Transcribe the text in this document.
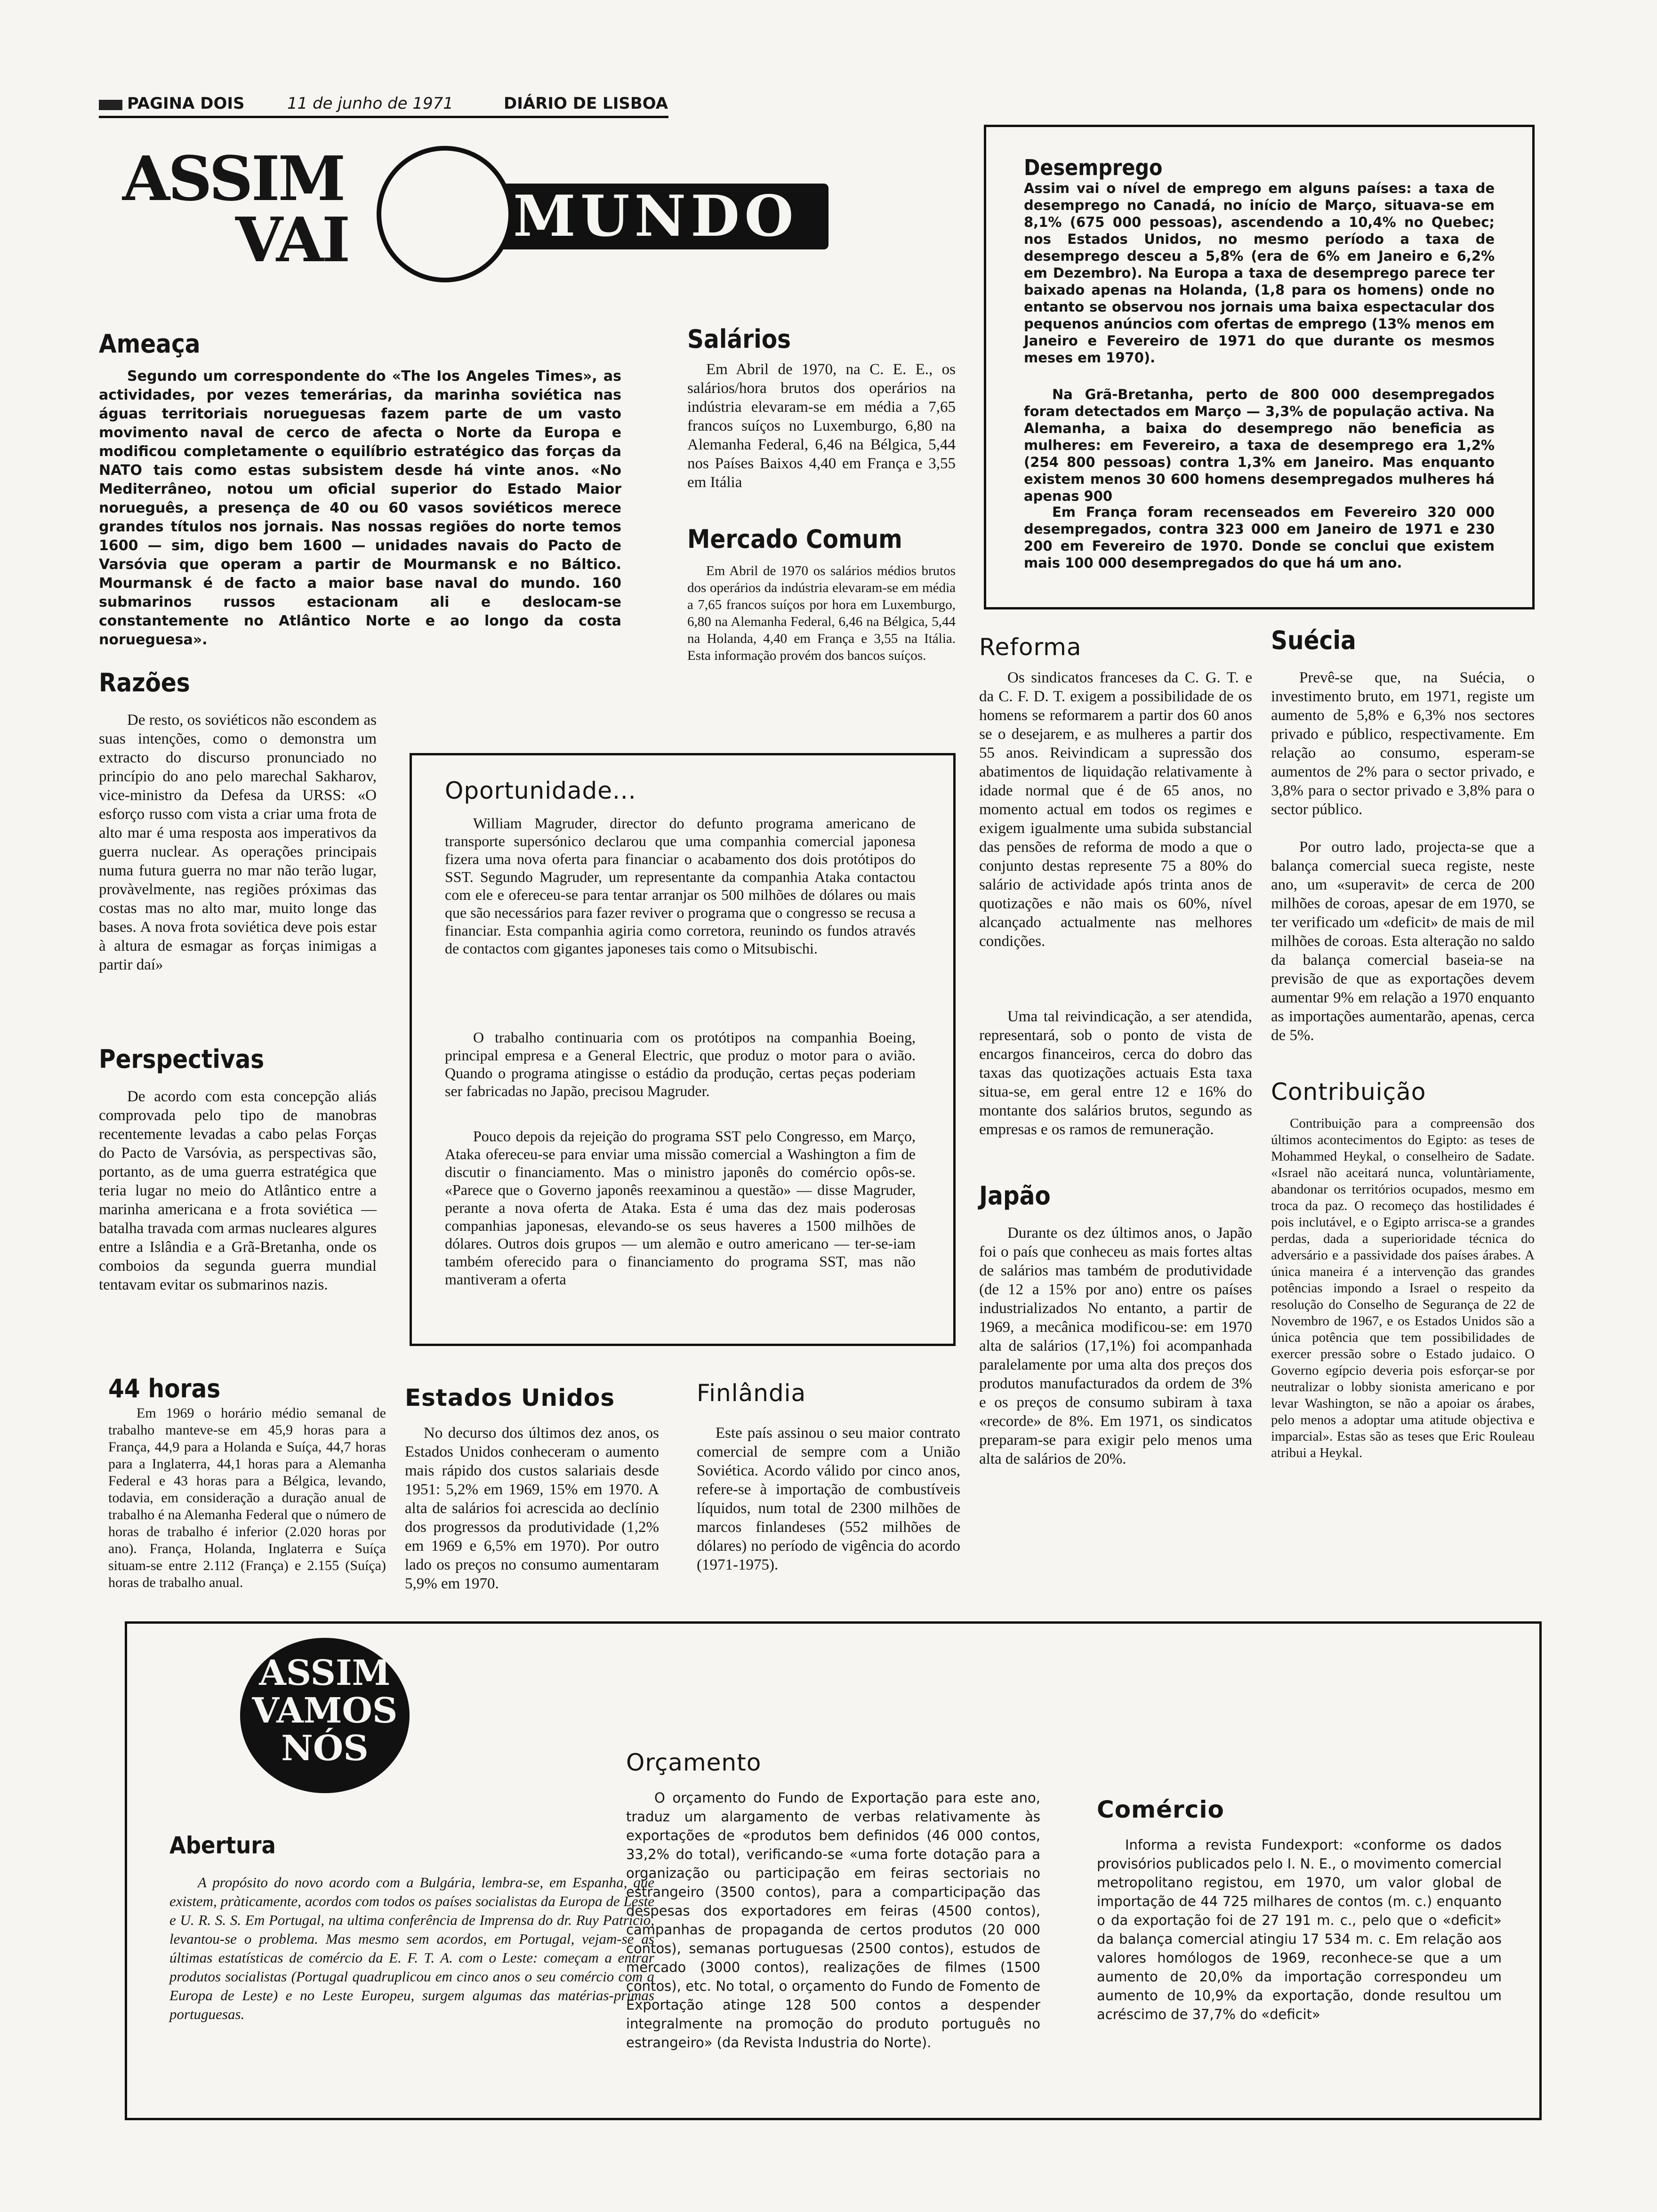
PAGINA DOIS	11 de junho de 1971	DIÁRIO DE LISBOA
ASSIM
VAI	MUNDO
Desemprego

Assim vai o nível de emprego em alguns países: a taxa de desemprego no Canadá, no início de Março, situava-se em 8,1% (675 000 pessoas), ascendendo a 10,4% no Quebec; nos Estados Unidos, no mesmo período a taxa de desemprego desceu a 5,8% (era de 6% em Janeiro e 6,2% em Dezembro). Na Europa a taxa de desemprego parece ter baixado apenas na Holanda, (1,8 para os homens) onde no entanto se observou nos jornais uma baixa espectacular dos pequenos anúncios com ofertas de emprego (13% menos em Janeiro e Fevereiro de 1971 do que durante os mesmos meses em 1970).

Na Grã-Bretanha, perto de 800 000 desempregados foram detectados em Março — 3,3% de população activa. Na Alemanha, a baixa do desemprego não beneficia as mulheres: em Fevereiro, a taxa de desemprego era 1,2% (254 800 pessoas) contra 1,3% em Janeiro. Mas enquanto existem menos 30 600 homens desempregados mulheres há apenas 900

Em França foram recenseados em Fevereiro 320 000 desempregados, contra 323 000 em Janeiro de 1971 e 230 200 em Fevereiro de 1970. Donde se conclui que existem mais 100 000 desempregados do que há um ano.

Ameaça

Segundo um correspondente do «The Ios Angeles Times», as actividades, por vezes temerárias, da marinha soviética nas águas territoriais norueguesas fazem parte de um vasto movimento naval de cerco de afecta o Norte da Europa e modificou completamente o equilíbrio estratégico das forças da NATO tais como estas subsistem desde há vinte anos. «No Mediterrâneo, notou um oficial superior do Estado Maior norueguês, a presença de 40 ou 60 vasos soviéticos merece grandes títulos nos jornais. Nas nossas regiões do norte temos 1600 — sim, digo bem 1600 — unidades navais do Pacto de Varsóvia que operam a partir de Mourmansk e no Báltico. Mourmansk é de facto a maior base naval do mundo. 160 submarinos russos estacionam ali e deslocam-se constantemente no Atlântico Norte e ao longo da costa norueguesa».

Salários

Em Abril de 1970, na C. E. E., os salários/hora brutos dos operários na indústria elevaram-se em média a 7,65 francos suíços no Luxemburgo, 6,80 na Alemanha Federal, 6,46 na Bélgica, 5,44 nos Países Baixos 4,40 em França e 3,55 em Itália

Mercado Comum

Em Abril de 1970 os salários médios brutos dos operários da indústria elevaram-se em média a 7,65 francos suíços por hora em Luxemburgo, 6,80 na Alemanha Federal, 6,46 na Bélgica, 5,44 na Holanda, 4,40 em França e 3,55 na Itália. Esta informação provém dos bancos suíços.

Razões

De resto, os soviéticos não escondem as suas intenções, como o demonstra um extracto do discurso pronunciado no princípio do ano pelo marechal Sakharov, vice-ministro da Defesa da URSS: «O esforço russo com vista a criar uma frota de alto mar é uma resposta aos imperativos da guerra nuclear. As operações principais numa futura guerra no mar não terão lugar, provàvelmente, nas regiões próximas das costas mas no alto mar, muito longe das bases. A nova frota soviética deve pois estar à altura de esmagar as forças inimigas a partir daí»

Perspectivas

De acordo com esta concepção aliás comprovada pelo tipo de manobras recentemente levadas a cabo pelas Forças do Pacto de Varsóvia, as perspectivas são, portanto, as de uma guerra estratégica que teria lugar no meio do Atlântico entre a marinha americana e a frota soviética — batalha travada com armas nucleares algures entre a Islândia e a Grã-Bretanha, onde os comboios da segunda guerra mundial tentavam evitar os submarinos nazis.

44 horas

Em 1969 o horário médio semanal de trabalho manteve-se em 45,9 horas para a França, 44,9 para a Holanda e Suíça, 44,7 horas para a Inglaterra, 44,1 horas para a Alemanha Federal e 43 horas para a Bélgica, levando, todavia, em consideração a duração anual de trabalho é na Alemanha Federal que o número de horas de trabalho é inferior (2.020 horas por ano). França, Holanda, Inglaterra e Suíça situam-se entre 2.112 (França) e 2.155 (Suíça) horas de trabalho anual.

Oportunidade...

William Magruder, director do defunto programa americano de transporte supersónico declarou que uma companhia comercial japonesa fizera uma nova oferta para financiar o acabamento dos dois protótipos do SST. Segundo Magruder, um representante da companhia Ataka contactou com ele e ofereceu-se para tentar arranjar os 500 milhões de dólares ou mais que são necessários para fazer reviver o programa que o congresso se recusa a financiar. Esta companhia agiria como corretora, reunindo os fundos através de contactos com gigantes japoneses tais como o Mitsubischi.

O trabalho continuaria com os protótipos na companhia Boeing, principal empresa e a General Electric, que produz o motor para o avião. Quando o programa atingisse o estádio da produção, certas peças poderiam ser fabricadas no Japão, precisou Magruder.

Pouco depois da rejeição do programa SST pelo Congresso, em Março, Ataka ofereceu-se para enviar uma missão comercial a Washington a fim de discutir o financiamento. Mas o ministro japonês do comércio opôs-se. «Parece que o Governo japonês reexaminou a questão» — disse Magruder, perante a nova oferta de Ataka. Esta é uma das dez mais poderosas companhias japonesas, elevando-se os seus haveres a 1500 milhões de dólares. Outros dois grupos — um alemão e outro americano — ter-se-iam também oferecido para o financiamento do programa SST, mas não mantiveram a oferta

Estados Unidos

No decurso dos últimos dez anos, os Estados Unidos conheceram o aumento mais rápido dos custos salariais desde 1951: 5,2% em 1969, 15% em 1970. A alta de salários foi acrescida ao declínio dos progressos da produtividade (1,2% em 1969 e 6,5% em 1970). Por outro lado os preços no consumo aumentaram 5,9% em 1970.

Finlândia

Este país assinou o seu maior contrato comercial de sempre com a União Soviética. Acordo válido por cinco anos, refere-se à importação de combustíveis líquidos, num total de 2300 milhões de marcos finlandeses (552 milhões de dólares) no período de vigência do acordo (1971-1975).

Reforma

Os sindicatos franceses da C. G. T. e da C. F. D. T. exigem a possibilidade de os homens se reformarem a partir dos 60 anos se o desejarem, e as mulheres a partir dos 55 anos. Reivindicam a supressão dos abatimentos de liquidação relativamente à idade normal que é de 65 anos, no momento actual em todos os regimes e exigem igualmente uma subida substancial das pensões de reforma de modo a que o conjunto destas represente 75 a 80% do salário de actividade após trinta anos de quotizações e não mais os 60%, nível alcançado actualmente nas melhores condições.

Uma tal reivindicação, a ser atendida, representará, sob o ponto de vista de encargos financeiros, cerca do dobro das taxas das quotizações actuais Esta taxa situa-se, em geral entre 12 e 16% do montante dos salários brutos, segundo as empresas e os ramos de remuneração.

Japão

Durante os dez últimos anos, o Japão foi o país que conheceu as mais fortes altas de salários mas também de produtividade (de 12 a 15% por ano) entre os países industrializados No entanto, a partir de 1969, a mecânica modificou-se: em 1970 alta de salários (17,1%) foi acompanhada paralelamente por uma alta dos preços dos produtos manufacturados da ordem de 3% e os preços de consumo subiram à taxa «recorde» de 8%. Em 1971, os sindicatos preparam-se para exigir pelo menos uma alta de salários de 20%.

Suécia

Prevê-se que, na Suécia, o investimento bruto, em 1971, registe um aumento de 5,8% e 6,3% nos sectores privado e público, respectivamente. Em relação ao consumo, esperam-se aumentos de 2% para o sector privado, e 3,8% para o sector privado e 3,8% para o sector público.

Por outro lado, projecta-se que a balança comercial sueca registe, neste ano, um «superavit» de cerca de 200 milhões de coroas, apesar de em 1970, se ter verificado um «deficit» de mais de mil milhões de coroas. Esta alteração no saldo da balança comercial baseia-se na previsão de que as exportações devem aumentar 9% em relação a 1970 enquanto as importações aumentarão, apenas, cerca de 5%.

Contribuição

Contribuição para a compreensão dos últimos acontecimentos do Egipto: as teses de Mohammed Heykal, o conselheiro de Sadate. «Israel não aceitará nunca, voluntàriamente, abandonar os territórios ocupados, mesmo em troca da paz. O recomeço das hostilidades é pois inclutável, e o Egipto arrisca-se a grandes perdas, dada a superioridade técnica do adversário e a passividade dos países árabes. A única maneira é a intervenção das grandes potências impondo a Israel o respeito da resolução do Conselho de Segurança de 22 de Novembro de 1967, e os Estados Unidos são a única potência que tem possibilidades de exercer pressão sobre o Estado judaico. O Governo egípcio deveria pois esforçar-se por neutralizar o lobby sionista americano e por levar Washington, se não a apoiar os árabes, pelo menos a adoptar uma atitude objectiva e imparcial». Estas são as teses que Eric Rouleau atribui a Heykal.

ASSIM
VAMOS
NÓS
Abertura

A propósito do novo acordo com a Bulgária, lembra-se, em Espanha, que existem, pràticamente, acordos com todos os países socialistas da Europa de Leste e U. R. S. S. Em Portugal, na ultima conferência de Imprensa do dr. Ruy Patrício, levantou-se o problema. Mas mesmo sem acordos, em Portugal, vejam-se as últimas estatísticas de comércio da E. F. T. A. com o Leste: começam a entrar produtos socialistas (Portugal quadruplicou em cinco anos o seu comércio com a Europa de Leste) e no Leste Europeu, surgem algumas das matérias-primas portuguesas.

Orçamento

O orçamento do Fundo de Exportação para este ano, traduz um alargamento de verbas relativamente às exportações de «produtos bem definidos (46 000 contos, 33,2% do total), verificando-se «uma forte dotação para a organização ou participação em feiras sectoriais no estrangeiro (3500 contos), para a comparticipação das despesas dos exportadores em feiras (4500 contos), campanhas de propaganda de certos produtos (20 000 contos), semanas portuguesas (2500 contos), estudos de mercado (3000 contos), realizações de filmes (1500 contos), etc. No total, o orçamento do Fundo de Fomento de Exportação atinge 128 500 contos a despender integralmente na promoção do produto português no estrangeiro» (da Revista Industria do Norte).

Comércio

Informa a revista Fundexport: «conforme os dados provisórios publicados pelo I. N. E., o movimento comercial metropolitano registou, em 1970, um valor global de importação de 44 725 milhares de contos (m. c.) enquanto o da exportação foi de 27 191 m. c., pelo que o «deficit» da balança comercial atingiu 17 534 m. c. Em relação aos valores homólogos de 1969, reconhece-se que a um aumento de 20,0% da importação correspondeu um aumento de 10,9% da exportação, donde resultou um acréscimo de 37,7% do «deficit»
